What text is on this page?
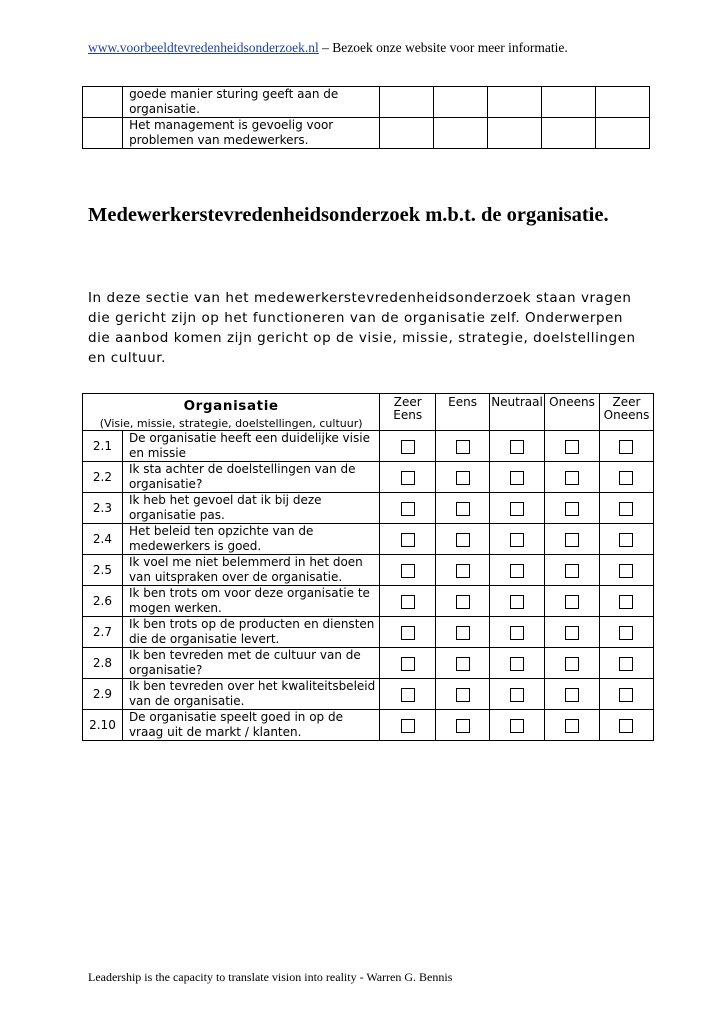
www.voorbeeldtevredenheidsonderzoek.nl – Bezoek onze website voor meer informatie.
	goede manier sturing geeft aan de organisatie.					
	Het management is gevoelig voor problemen van medewerkers.					
Medewerkerstevredenheidsonderzoek m.b.t. de organisatie.

In deze sectie van het medewerkerstevredenheidsonderzoek staan vragen die gericht zijn op het functioneren van de organisatie zelf. Onderwerpen die aanbod komen zijn gericht op de visie, missie, strategie, doelstellingen en cultuur.

Organisatie
(Visie, missie, strategie, doelstellingen, cultuur)		Zeer Eens	Eens	Neutraal	Oneens	Zeer Oneens
2.1	De organisatie heeft een duidelijke visie en missie					
2.2	Ik sta achter de doelstellingen van de organisatie?					
2.3	Ik heb het gevoel dat ik bij deze organisatie pas.					
2.4	Het beleid ten opzichte van de medewerkers is goed.					
2.5	Ik voel me niet belemmerd in het doen van uitspraken over de organisatie.					
2.6	Ik ben trots om voor deze organisatie te mogen werken.					
2.7	Ik ben trots op de producten en diensten die de organisatie levert.					
2.8	Ik ben tevreden met de cultuur van de organisatie?					
2.9	Ik ben tevreden over het kwaliteitsbeleid van de organisatie.					
2.10	De organisatie speelt goed in op de vraag uit de markt / klanten.					
Leadership is the capacity to translate vision into reality - Warren G. Bennis
